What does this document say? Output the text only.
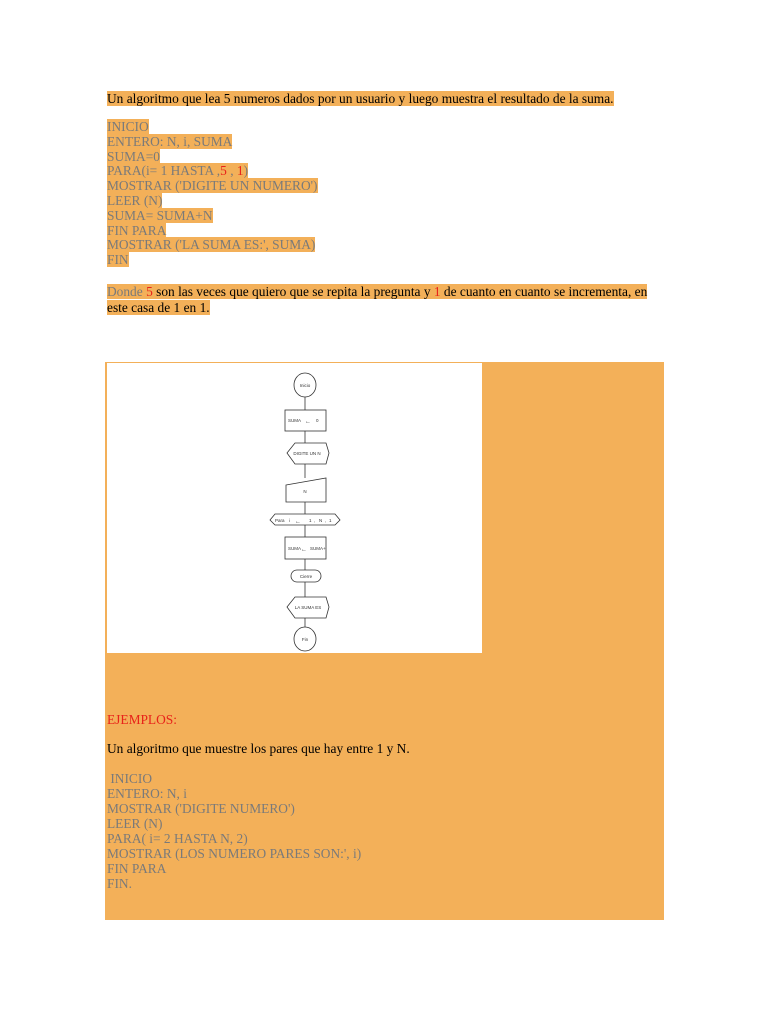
Un algoritmo que lea 5 numeros dados por un usuario y luego muestra el resultado de la suma.
INICIO
ENTERO: N, i, SUMA
SUMA=0
PARA(i= 1 HASTA ,5 , 1)
MOSTRAR ('DIGITE UN NUMERO')
LEER (N)
SUMA= SUMA+N
FIN PARA
MOSTRAR ('LA SUMA ES:', SUMA)
FIN
Donde 5 son las veces que quiero que se repita la pregunta y 1 de cuanto en cuanto se incrementa, en este casa de 1 en 1.
Inicio
SUMA ← 0
DIGITE UN N
N
Para i ← 1 , N , 1
SUMA ← SUMA+
Cierre
LA SUMA ES
Fin
EJEMPLOS:
Un algoritmo que muestre los pares que hay entre 1 y N.
INICIO
ENTERO: N, i
MOSTRAR ('DIGITE NUMERO')
LEER (N)
PARA( i= 2 HASTA N, 2)
MOSTRAR (LOS NUMERO PARES SON:', i)
FIN PARA
FIN.
